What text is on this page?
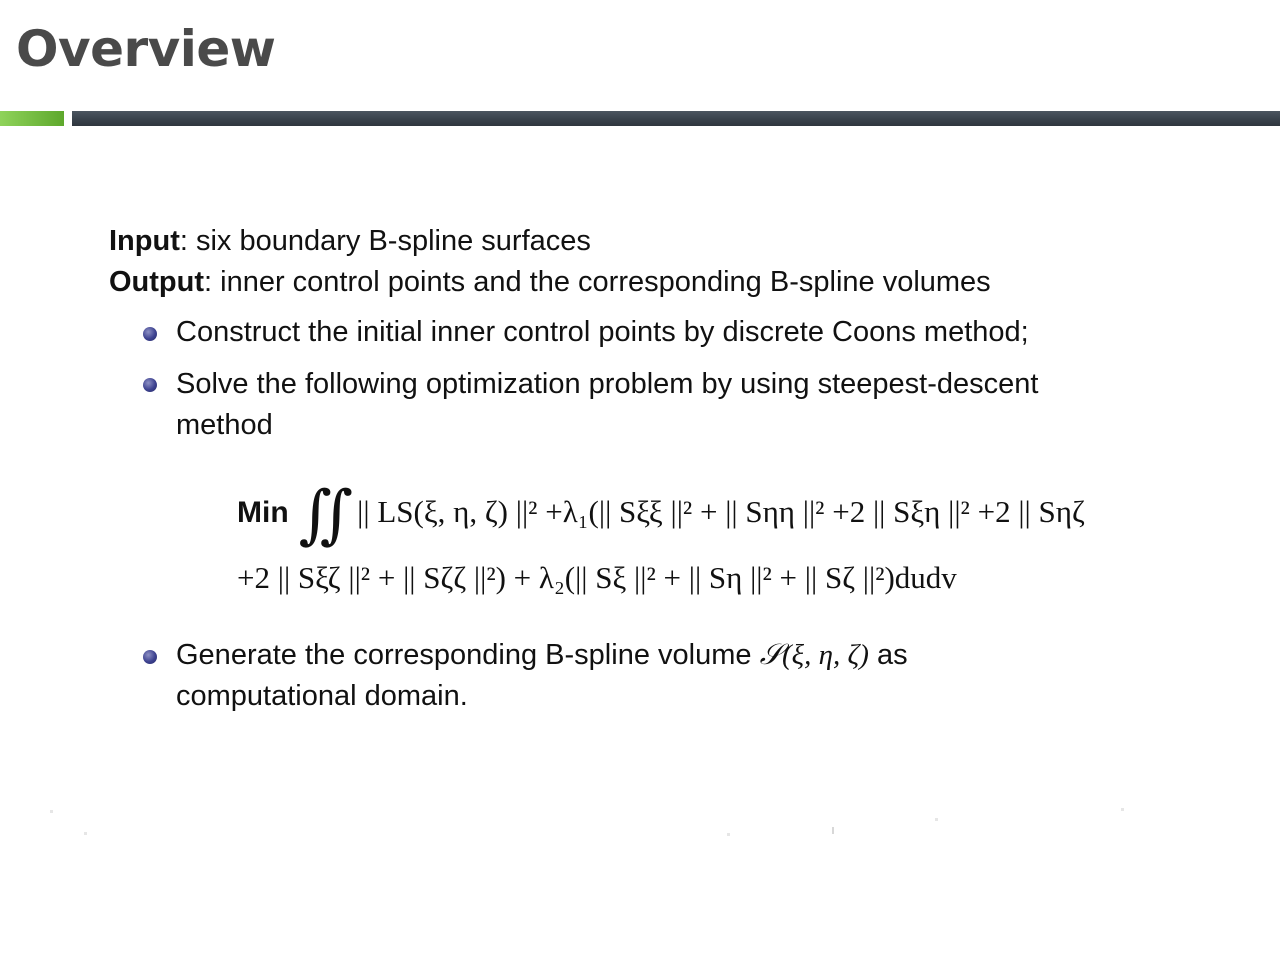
Overview
Input: six boundary B-spline surfaces
Output: inner control points and the corresponding B-spline volumes
Construct the initial inner control points by discrete Coons method;
Solve the following optimization problem by using steepest-descent
method
Min ∬ || LS(ξ, η, ζ) ||² +λ₁(|| Sξξ ||² + || Sηη ||² +2 || Sξη ||² +2 || Sηζ
+2 || Sξζ ||² + || Sζζ ||²) + λ₂(|| Sξ ||² + || Sη ||² + || Sζ ||²)dudv
Generate the corresponding B-spline volume 𝒮(ξ, η, ζ) as
computational domain.
